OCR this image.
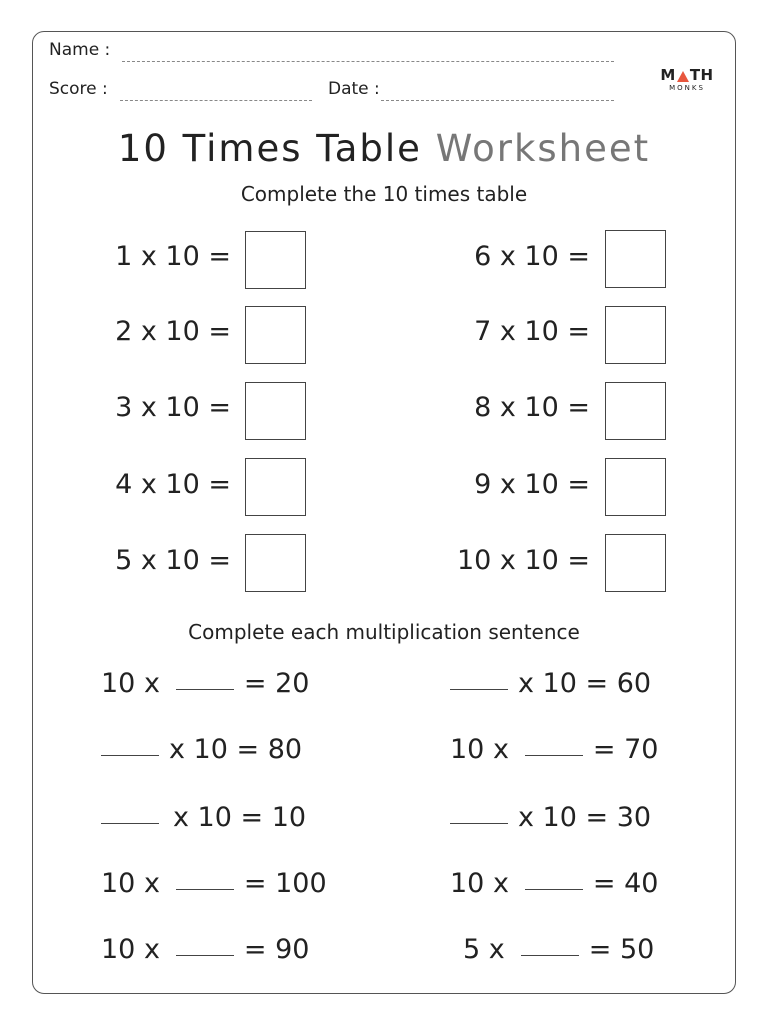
Name :
Score :	Date :
M TH
MONKS
10 Times Table Worksheet
Complete the 10 times table
1 x 10 =
2 x 10 =
3 x 10 =
4 x 10 =
5 x 10 =
6 x 10 =
7 x 10 =
8 x 10 =
9 x 10 =
10 x 10 =
Complete each multiplication sentence
10 x	= 20	x 10 = 60
x 10 = 80	10 x	= 70
x 10 = 10	x 10 = 30
10 x	= 100	10 x	= 40
10 x	= 90	5 x	= 50
